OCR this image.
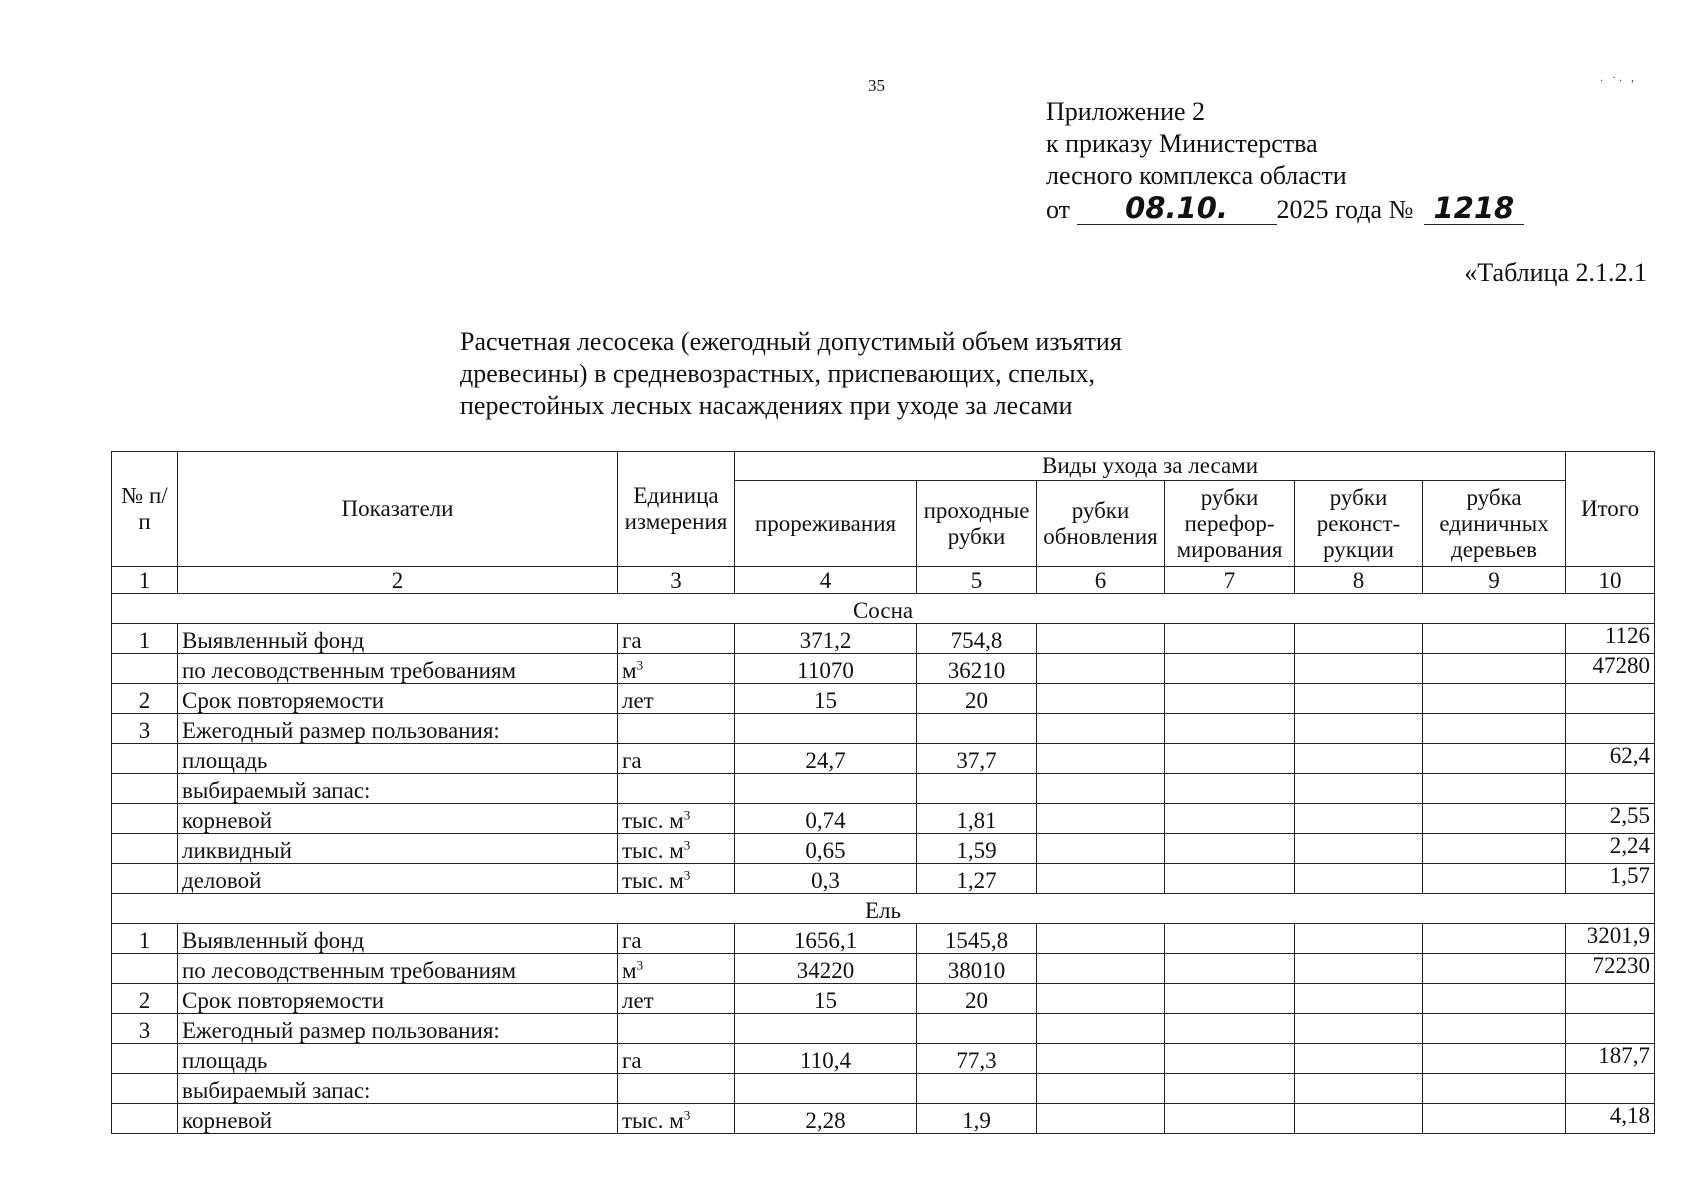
35	. ·. ,
Приложение 2
к приказу Министерства
лесного комплекса области
от 08.10. 2025 года № 1218
«Таблица 2.1.2.1
Расчетная лесосека (ежегодный допустимый объем изъятия
древесины) в средневозрастных, приспевающих, спелых,
перестойных лесных насаждениях при уходе за лесами
№ п/п	Показатели	Единица измерения	Виды ухода за лесами						Итого
			прореживания	проходные рубки	рубки обновления	рубки перефор-мирования	рубки реконст-рукции	рубка единичных деревьев	
1	2	3	4	5	6	7	8	9	10
Сосна									
1	Выявленный фонд	га	371,2	754,8					1126
	по лесоводственным требованиям	$м^3$	11070	36210					47280
2	Срок повторяемости	лет	15	20					
3	Ежегодный размер пользования:								
	площадь	га	24,7	37,7					62,4
	выбираемый запас:								
	корневой	тыс. $м^3$	0,74	1,81					2,55
	ликвидный	тыс. $м^3$	0,65	1,59					2,24
	деловой	тыс. $м^3$	0,3	1,27					1,57
Ель									
1	Выявленный фонд	га	1656,1	1545,8					3201,9
	по лесоводственным требованиям	$м^3$	34220	38010					72230
2	Срок повторяемости	лет	15	20					
3	Ежегодный размер пользования:								
	площадь	га	110,4	77,3					187,7
	выбираемый запас:								
	корневой	тыс. $м^3$	2,28	1,9					4,18
